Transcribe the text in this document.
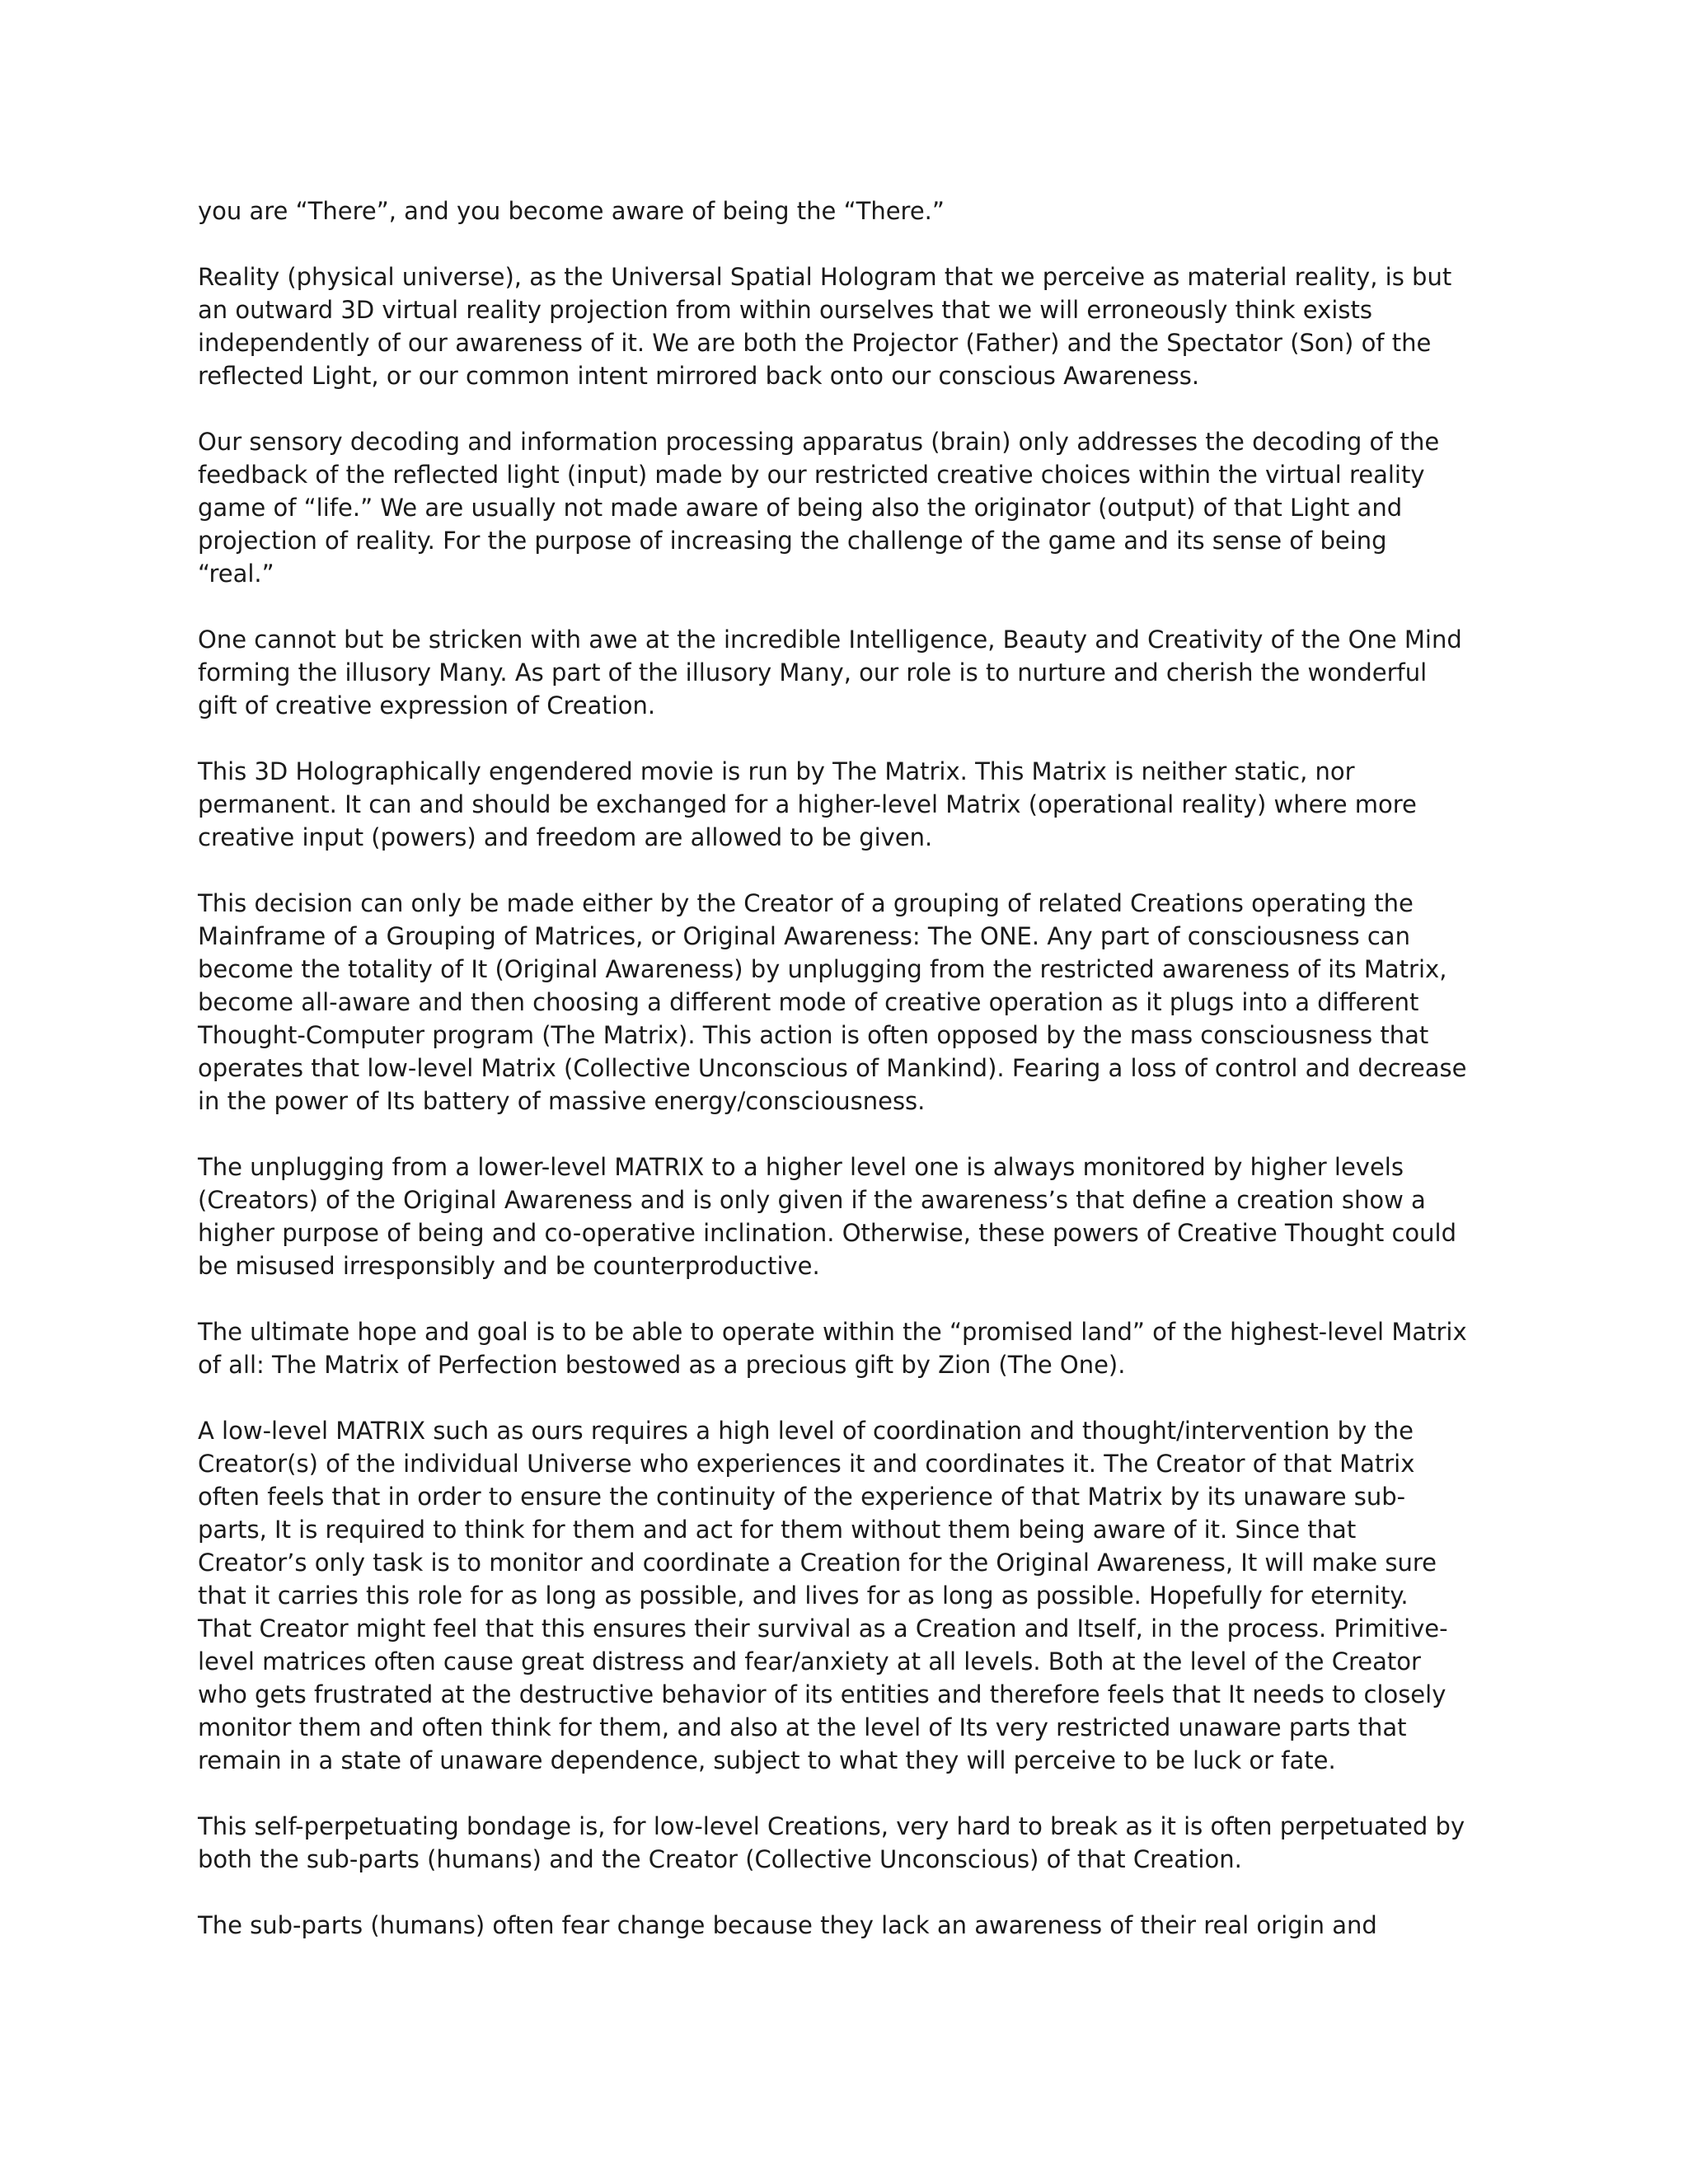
you are “There”, and you become aware of being the “There.”
Reality (physical universe), as the Universal Spatial Hologram that we perceive as material reality, is but
an outward 3D virtual reality projection from within ourselves that we will erroneously think exists
independently of our awareness of it. We are both the Projector (Father) and the Spectator (Son) of the
reflected Light, or our common intent mirrored back onto our conscious Awareness.
Our sensory decoding and information processing apparatus (brain) only addresses the decoding of the
feedback of the reflected light (input) made by our restricted creative choices within the virtual reality
game of “life.” We are usually not made aware of being also the originator (output) of that Light and
projection of reality. For the purpose of increasing the challenge of the game and its sense of being
“real.”
One cannot but be stricken with awe at the incredible Intelligence, Beauty and Creativity of the One Mind
forming the illusory Many. As part of the illusory Many, our role is to nurture and cherish the wonderful
gift of creative expression of Creation.
This 3D Holographically engendered movie is run by The Matrix. This Matrix is neither static, nor
permanent. It can and should be exchanged for a higher-level Matrix (operational reality) where more
creative input (powers) and freedom are allowed to be given.
This decision can only be made either by the Creator of a grouping of related Creations operating the
Mainframe of a Grouping of Matrices, or Original Awareness: The ONE. Any part of consciousness can
become the totality of It (Original Awareness) by unplugging from the restricted awareness of its Matrix,
become all-aware and then choosing a different mode of creative operation as it plugs into a different
Thought-Computer program (The Matrix). This action is often opposed by the mass consciousness that
operates that low-level Matrix (Collective Unconscious of Mankind). Fearing a loss of control and decrease
in the power of Its battery of massive energy/consciousness.
The unplugging from a lower-level MATRIX to a higher level one is always monitored by higher levels
(Creators) of the Original Awareness and is only given if the awareness’s that define a creation show a
higher purpose of being and co-operative inclination. Otherwise, these powers of Creative Thought could
be misused irresponsibly and be counterproductive.
The ultimate hope and goal is to be able to operate within the “promised land” of the highest-level Matrix
of all: The Matrix of Perfection bestowed as a precious gift by Zion (The One).
A low-level MATRIX such as ours requires a high level of coordination and thought/intervention by the
Creator(s) of the individual Universe who experiences it and coordinates it. The Creator of that Matrix
often feels that in order to ensure the continuity of the experience of that Matrix by its unaware sub-
parts, It is required to think for them and act for them without them being aware of it. Since that
Creator’s only task is to monitor and coordinate a Creation for the Original Awareness, It will make sure
that it carries this role for as long as possible, and lives for as long as possible. Hopefully for eternity.
That Creator might feel that this ensures their survival as a Creation and Itself, in the process. Primitive-
level matrices often cause great distress and fear/anxiety at all levels. Both at the level of the Creator
who gets frustrated at the destructive behavior of its entities and therefore feels that It needs to closely
monitor them and often think for them, and also at the level of Its very restricted unaware parts that
remain in a state of unaware dependence, subject to what they will perceive to be luck or fate.
This self-perpetuating bondage is, for low-level Creations, very hard to break as it is often perpetuated by
both the sub-parts (humans) and the Creator (Collective Unconscious) of that Creation.
The sub-parts (humans) often fear change because they lack an awareness of their real origin and
